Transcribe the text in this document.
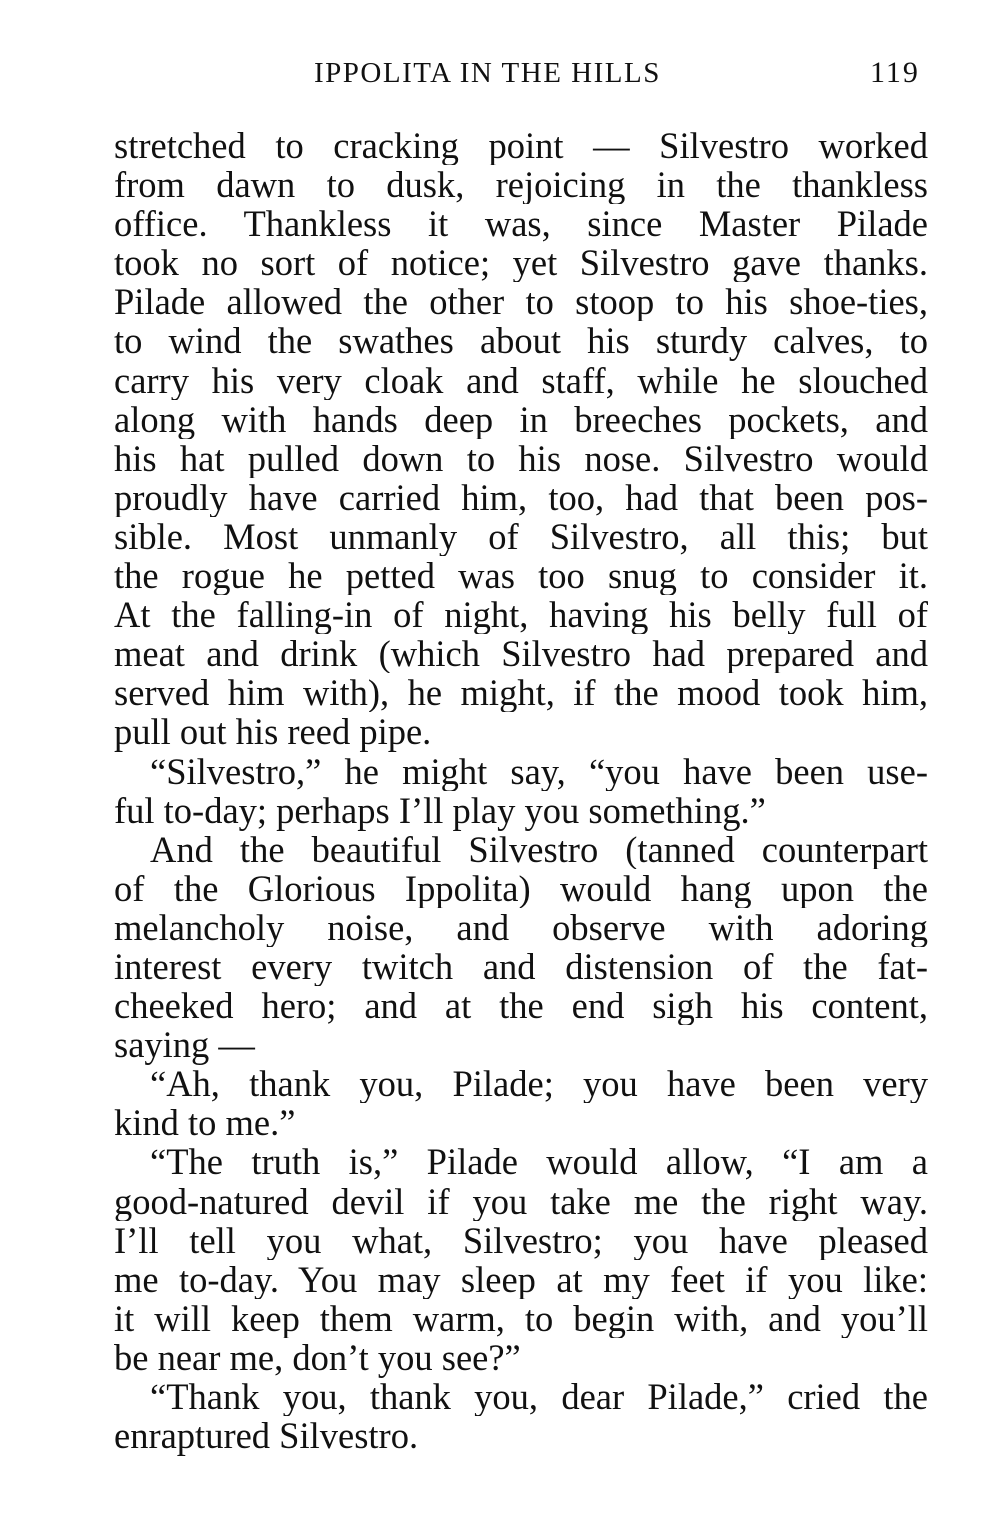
IPPOLITA IN THE HILLS	119
stretched to cracking point — Silvestro worked
from dawn to dusk, rejoicing in the thankless
office. Thankless it was, since Master Pilade
took no sort of notice; yet Silvestro gave thanks.
Pilade allowed the other to stoop to his shoe-ties,
to wind the swathes about his sturdy calves, to
carry his very cloak and staff, while he slouched
along with hands deep in breeches pockets, and
his hat pulled down to his nose. Silvestro would
proudly have carried him, too, had that been pos-
sible. Most unmanly of Silvestro, all this; but
the rogue he petted was too snug to consider it.
At the falling-in of night, having his belly full of
meat and drink (which Silvestro had prepared and
served him with), he might, if the mood took him,
pull out his reed pipe.
“Silvestro,” he might say, “you have been use-
ful to-day; perhaps I’ll play you something.”
And the beautiful Silvestro (tanned counterpart
of the Glorious Ippolita) would hang upon the
melancholy noise, and observe with adoring
interest every twitch and distension of the fat-
cheeked hero; and at the end sigh his content,
saying —
“Ah, thank you, Pilade; you have been very
kind to me.”
“The truth is,” Pilade would allow, “I am a
good-natured devil if you take me the right way.
I’ll tell you what, Silvestro; you have pleased
me to-day. You may sleep at my feet if you like:
it will keep them warm, to begin with, and you’ll
be near me, don’t you see?”
“Thank you, thank you, dear Pilade,” cried the
enraptured Silvestro.
